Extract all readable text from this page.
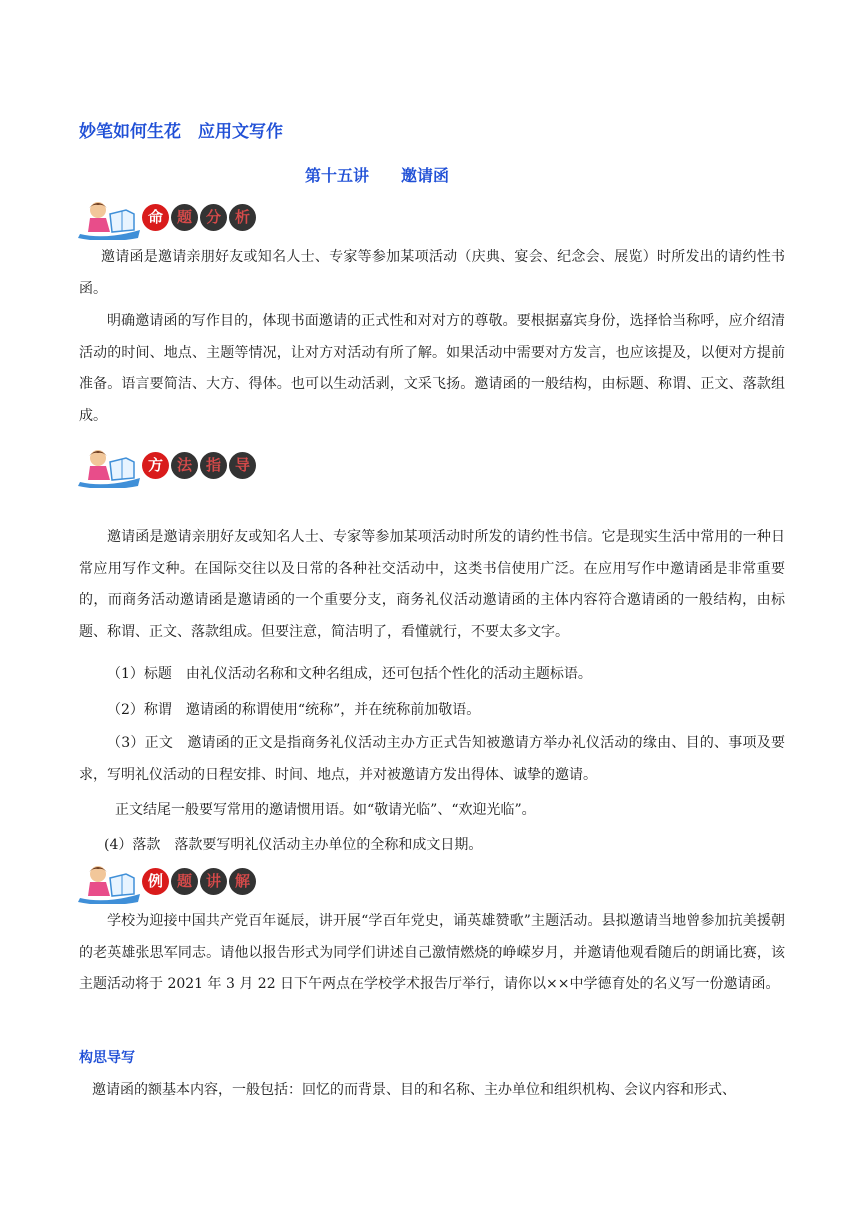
妙笔如何生花　应用文写作
第十五讲　　邀请函
命 题 分 析
邀请函是邀请亲朋好友或知名人士、专家等参加某项活动（庆典、宴会、纪念会、展览）时所发出的请约性书函。
明确邀请函的写作目的，体现书面邀请的正式性和对对方的尊敬。要根据嘉宾身份，选择恰当称呼，应介绍清活动的时间、地点、主题等情况，让对方对活动有所了解。如果活动中需要对方发言，也应该提及，以便对方提前准备。语言要简洁、大方、得体。也可以生动活剥，文采飞扬。邀请函的一般结构，由标题、称谓、正文、落款组成。
方 法 指 导
邀请函是邀请亲朋好友或知名人士、专家等参加某项活动时所发的请约性书信。它是现实生活中常用的一种日常应用写作文种。在国际交往以及日常的各种社交活动中，这类书信使用广泛。在应用写作中邀请函是非常重要的，而商务活动邀请函是邀请函的一个重要分支，商务礼仪活动邀请函的主体内容符合邀请函的一般结构，由标题、称谓、正文、落款组成。但要注意，简洁明了，看懂就行，不要太多文字。
（1）标题　由礼仪活动名称和文种名组成，还可包括个性化的活动主题标语。
（2）称谓　邀请函的称谓使用“统称”，并在统称前加敬语。
（3）正文　邀请函的正文是指商务礼仪活动主办方正式告知被邀请方举办礼仪活动的缘由、目的、事项及要求，写明礼仪活动的日程安排、时间、地点，并对被邀请方发出得体、诚挚的邀请。
正文结尾一般要写常用的邀请惯用语。如“敬请光临”、“欢迎光临”。
(4）落款　落款要写明礼仪活动主办单位的全称和成文日期。
例 题 讲 解
学校为迎接中国共产党百年诞辰，讲开展“学百年党史，诵英雄赞歌”主题活动。县拟邀请当地曾参加抗美援朝的老英雄张思军同志。请他以报告形式为同学们讲述自己激情燃烧的峥嵘岁月，并邀请他观看随后的朗诵比赛，该主题活动将于 2021 年 3 月 22 日下午两点在学校学术报告厅举行，请你以××中学德育处的名义写一份邀请函。
构思导写
邀请函的额基本内容，一般包括：回忆的而背景、目的和名称、主办单位和组织机构、会议内容和形式、
